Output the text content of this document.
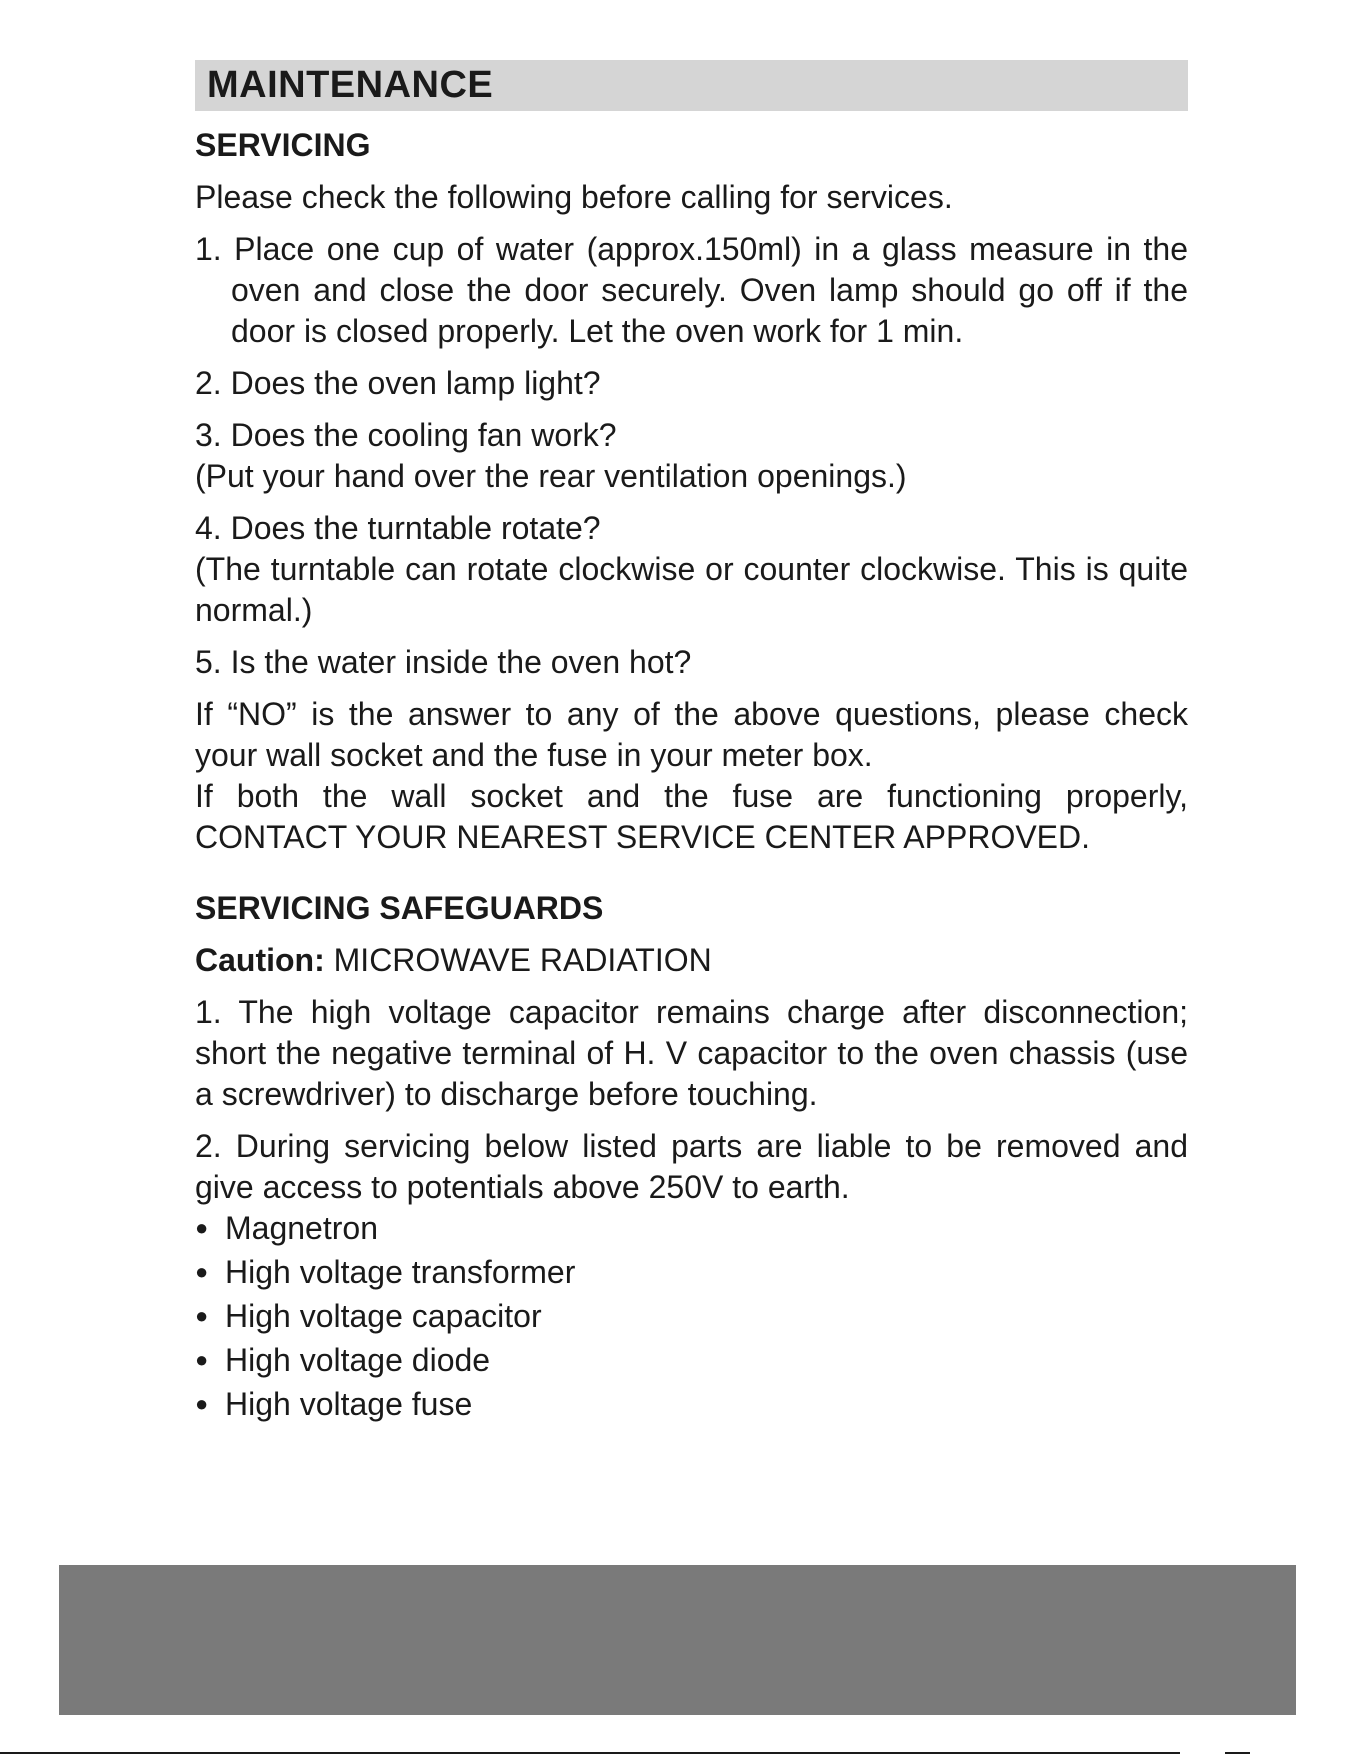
MAINTENANCE
SERVICING

Please check the following before calling for services.

1. Place one cup of water (approx.150ml) in a glass measure in the oven and close the door securely. Oven lamp should go off if the door is closed properly. Let the oven work for 1 min.

2. Does the oven lamp light?

3. Does the cooling fan work?

(Put your hand over the rear ventilation openings.)

4. Does the turntable rotate?

(The turntable can rotate clockwise or counter clockwise. This is quite normal.)

5. Is the water inside the oven hot?

If “NO” is the answer to any of the above questions, please check your wall socket and the fuse in your meter box.

If both the wall socket and the fuse are functioning properly,

CONTACT YOUR NEAREST SERVICE CENTER APPROVED.

SERVICING SAFEGUARDS

Caution: MICROWAVE RADIATION

1. The high voltage capacitor remains charge after disconnection; short the negative terminal of H. V capacitor to the oven chassis (use a screwdriver) to discharge before touching.

2. During servicing below listed parts are liable to be removed and give access to potentials above 250V to earth.

●Magnetron
●High voltage transformer
●High voltage capacitor
●High voltage diode
●High voltage fuse
